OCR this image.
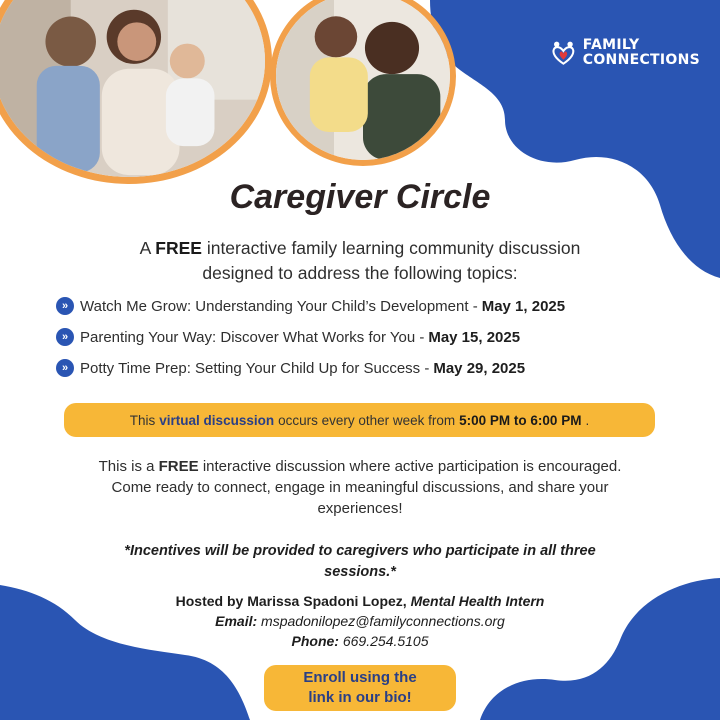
FAMILY
CONNECTIONS
Caregiver Circle
A FREE interactive family learning community discussion
designed to address the following topics:
» Watch Me Grow: Understanding Your Child’s Development - May 1, 2025
» Parenting Your Way: Discover What Works for You - May 15, 2025
» Potty Time Prep: Setting Your Child Up for Success - May 29, 2025
This virtual discussion occurs every other week from 5:00 PM to 6:00 PM .
This is a FREE interactive discussion where active participation is encouraged.
Come ready to connect, engage in meaningful discussions, and share your
experiences!
*Incentives will be provided to caregivers who participate in all three
sessions.*
Hosted by Marissa Spadoni Lopez, Mental Health Intern
Email: mspadonilopez@familyconnections.org
Phone: 669.254.5105
Enroll using the
link in our bio!
